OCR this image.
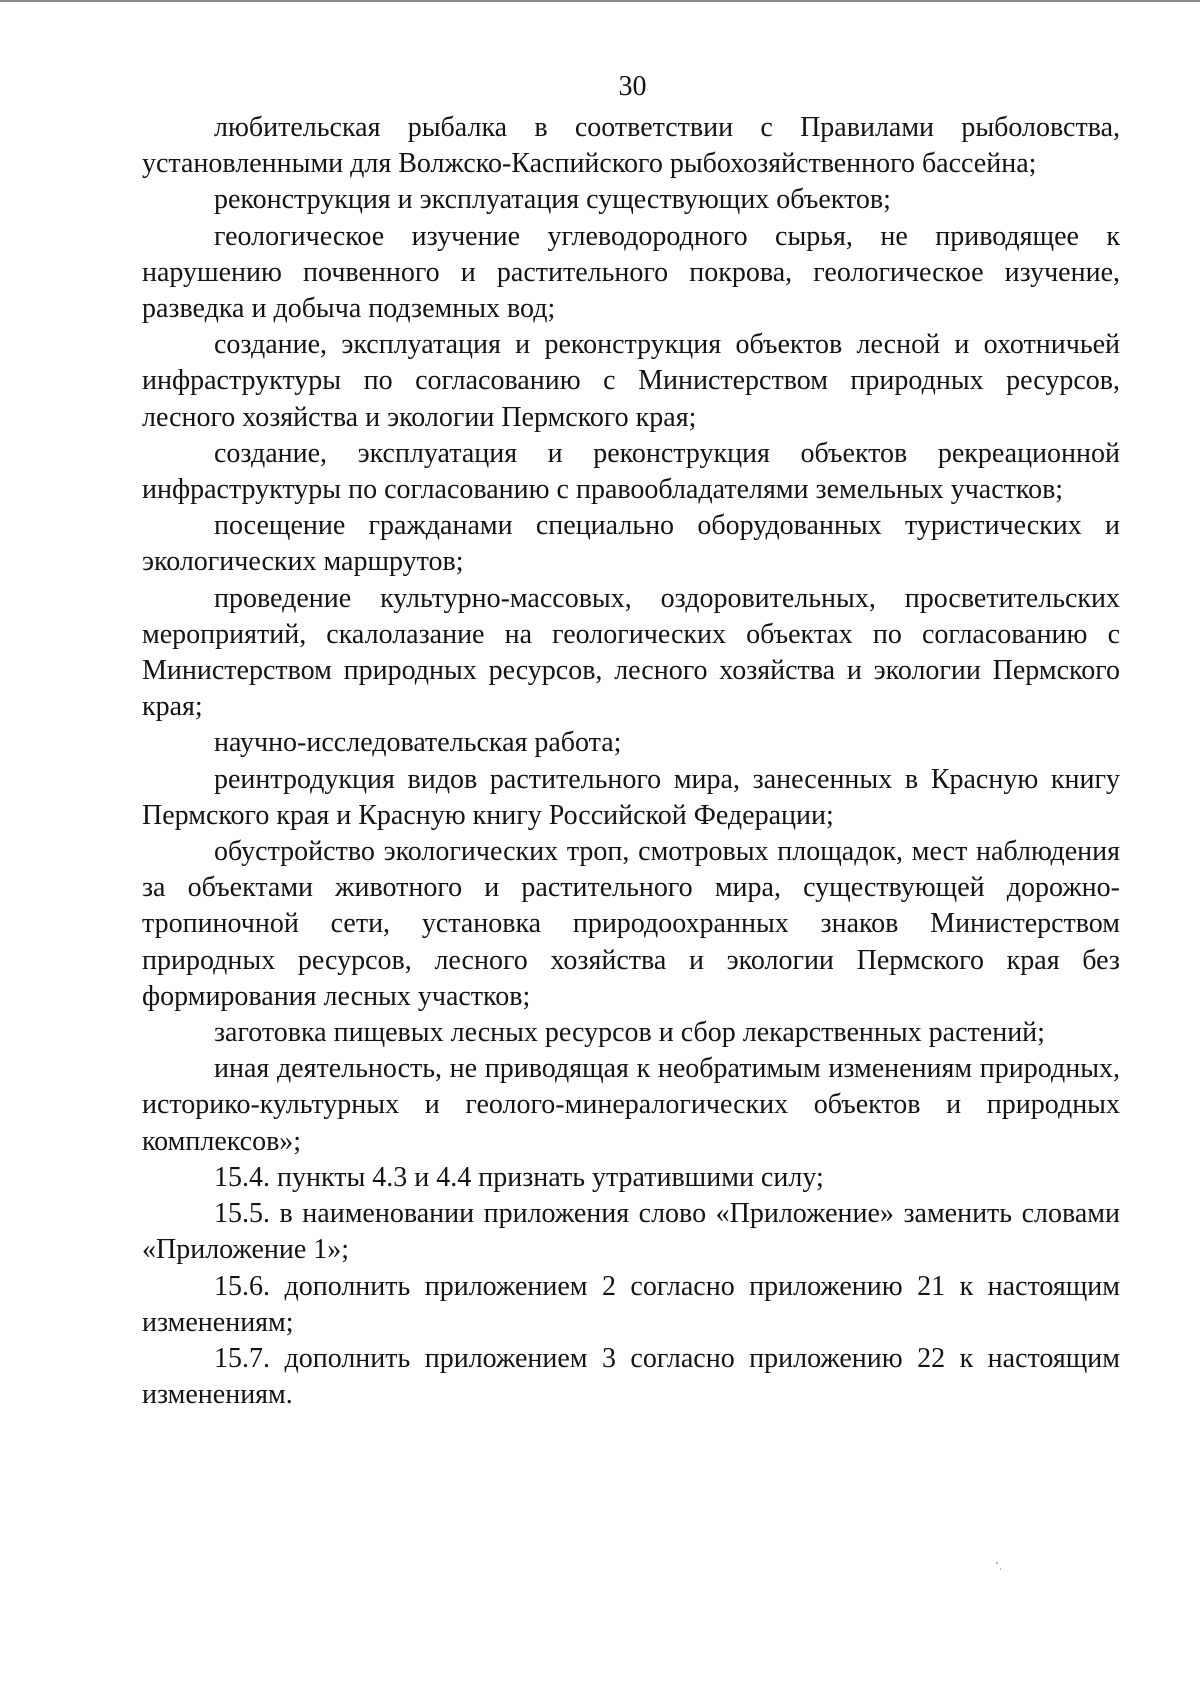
30

любительская рыбалка в соответствии с Правилами рыболовства, установленными для Волжско-Каспийского рыбохозяйственного бассейна;

реконструкция и эксплуатация существующих объектов;

геологическое изучение углеводородного сырья, не приводящее к нарушению почвенного и растительного покрова, геологическое изучение, разведка и добыча подземных вод;

создание, эксплуатация и реконструкция объектов лесной и охотничьей инфраструктуры по согласованию с Министерством природных ресурсов, лесного хозяйства и экологии Пермского края;

создание, эксплуатация и реконструкция объектов рекреационной инфраструктуры по согласованию с правообладателями земельных участков;

посещение гражданами специально оборудованных туристических и экологических маршрутов;

проведение культурно-массовых, оздоровительных, просветительских мероприятий, скалолазание на геологических объектах по согласованию с Министерством природных ресурсов, лесного хозяйства и экологии Пермского края;

научно-исследовательская работа;

реинтродукция видов растительного мира, занесенных в Красную книгу Пермского края и Красную книгу Российской Федерации;

обустройство экологических троп, смотровых площадок, мест наблюдения за объектами животного и растительного мира, существующей дорожно-тропиночной сети, установка природоохранных знаков Министерством природных ресурсов, лесного хозяйства и экологии Пермского края без формирования лесных участков;

заготовка пищевых лесных ресурсов и сбор лекарственных растений;

иная деятельность, не приводящая к необратимым изменениям природных, историко-культурных и геолого-минералогических объектов и природных комплексов»;

15.4. пункты 4.3 и 4.4 признать утратившими силу;

15.5. в наименовании приложения слово «Приложение» заменить словами «Приложение 1»;

15.6. дополнить приложением 2 согласно приложению 21 к настоящим изменениям;

15.7. дополнить приложением 3 согласно приложению 22 к настоящим изменениям.
